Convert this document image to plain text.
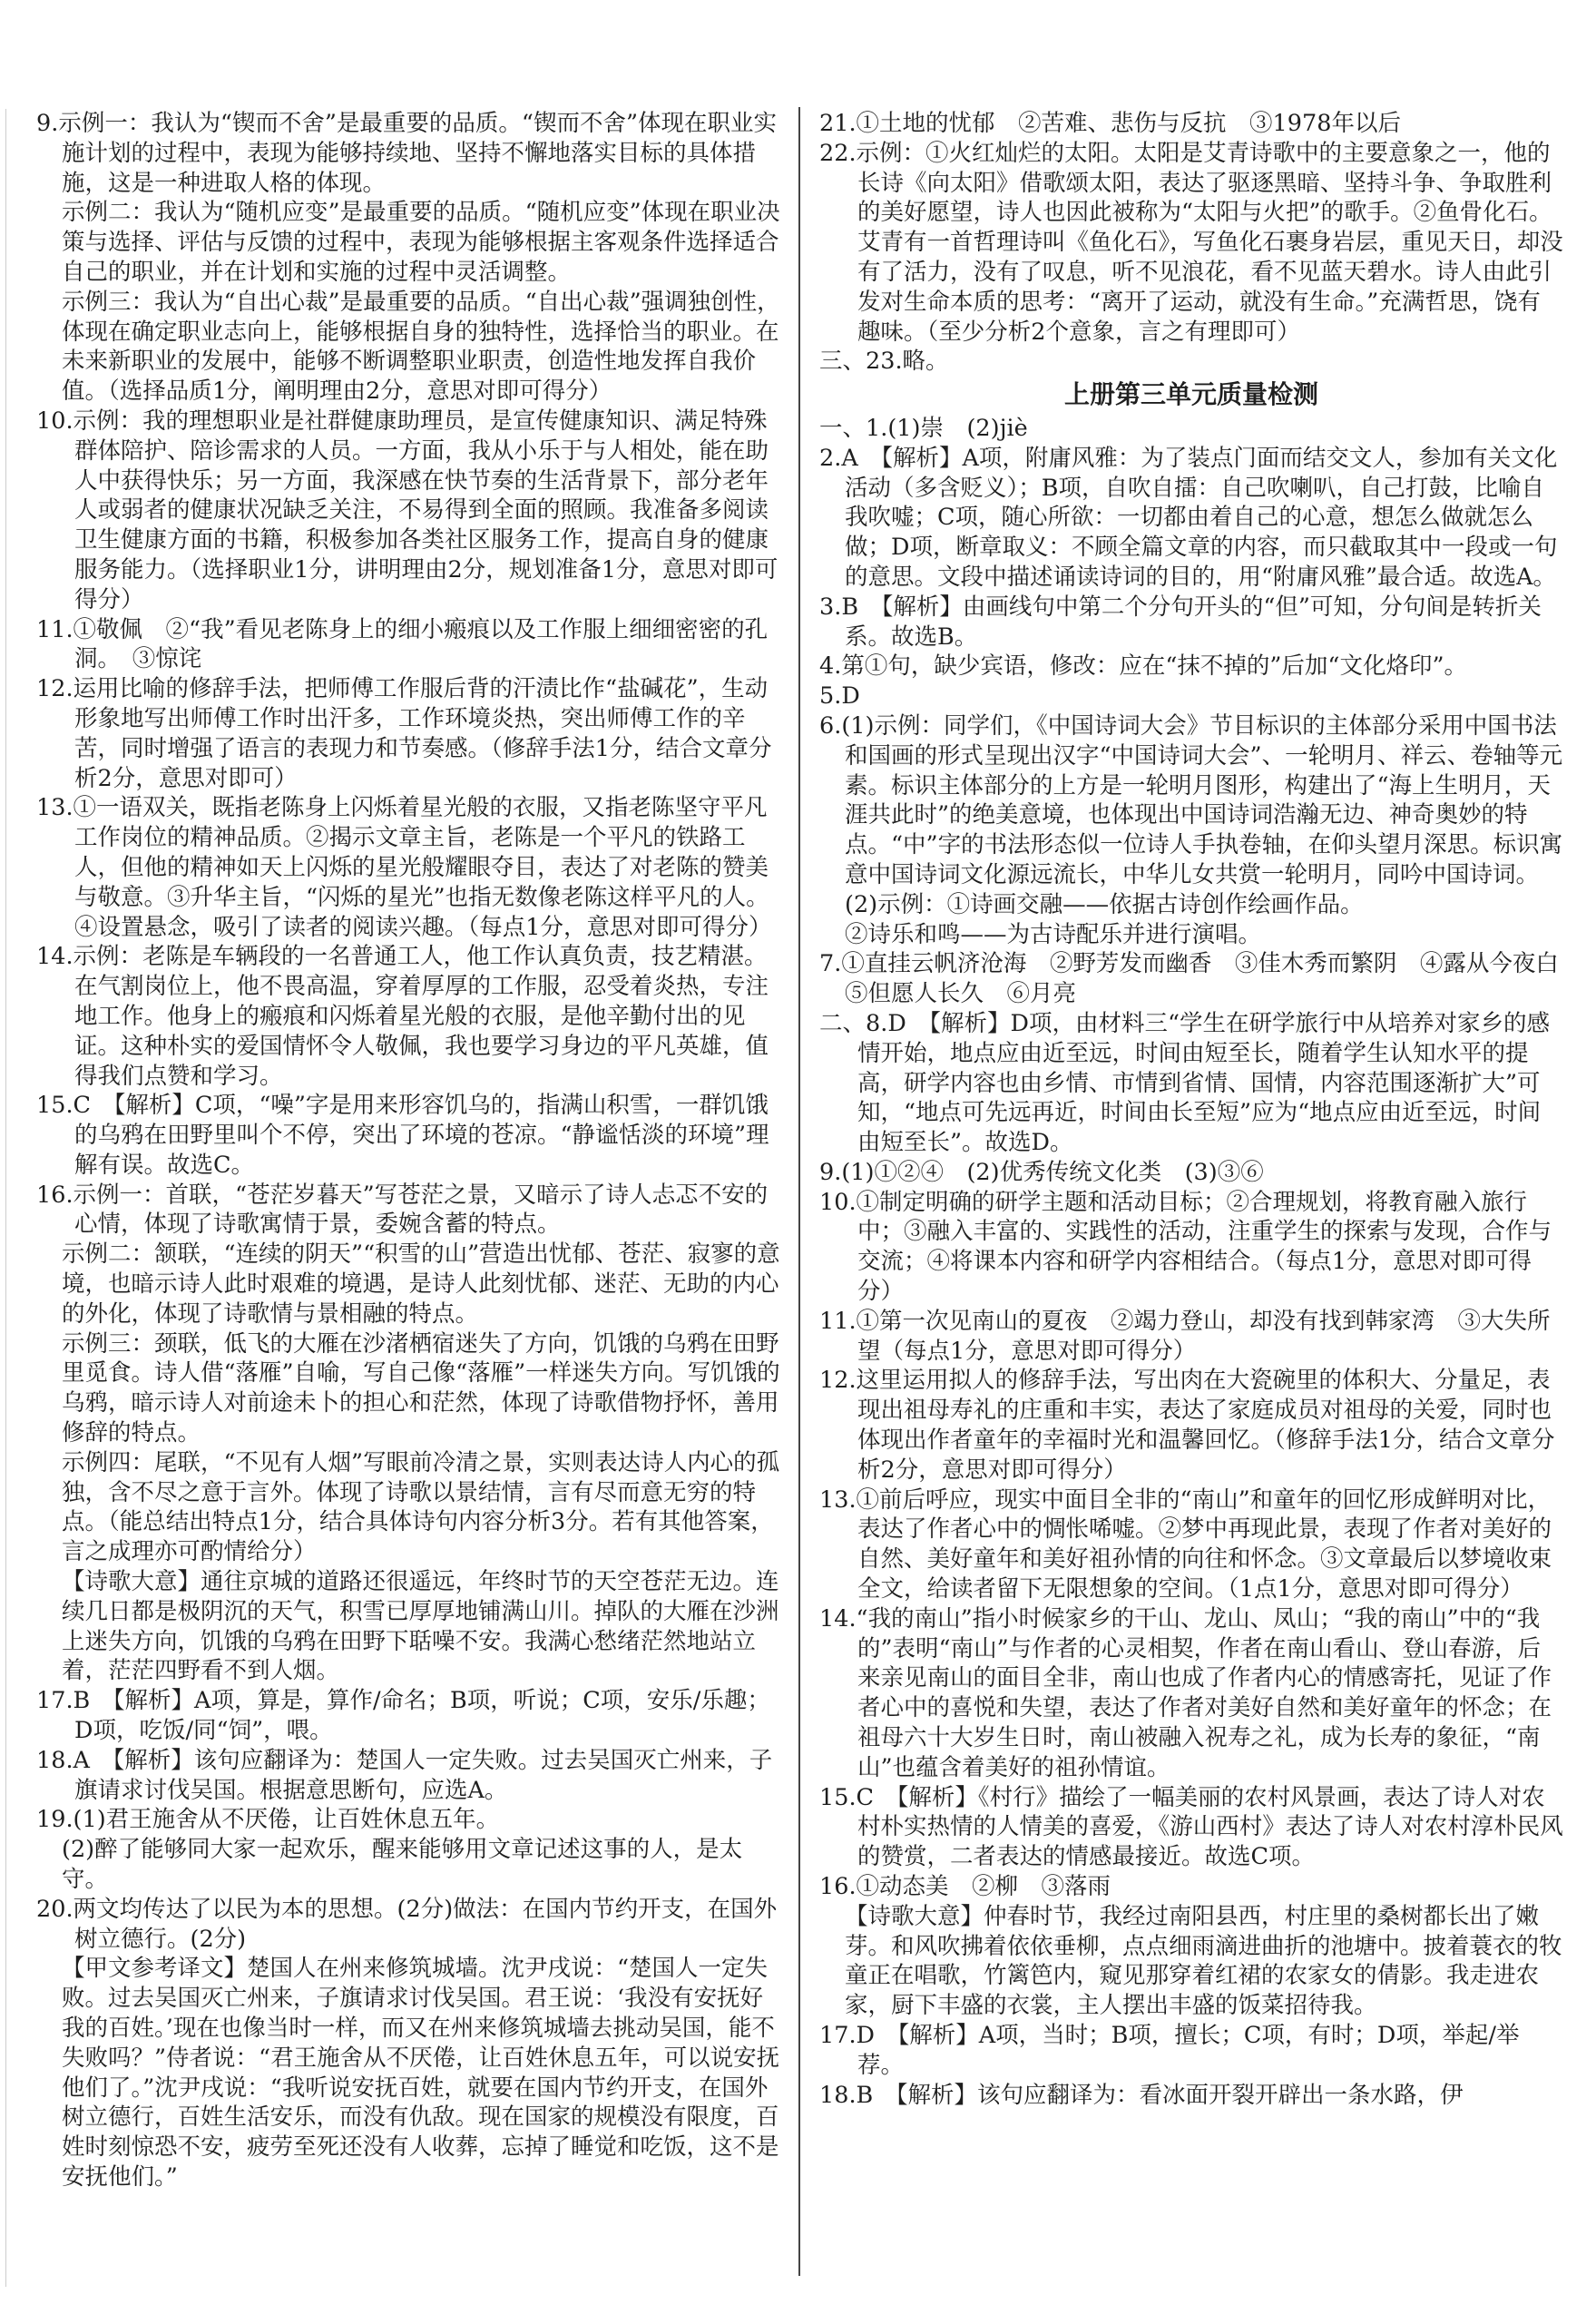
9.示例一：我认为“锲而不舍”是最重要的品质。“锲而不舍”体现在职业实施计划的过程中，表现为能够持续地、坚持不懈地落实目标的具体措施，这是一种进取人格的体现。

示例二：我认为“随机应变”是最重要的品质。“随机应变”体现在职业决策与选择、评估与反馈的过程中，表现为能够根据主客观条件选择适合自己的职业，并在计划和实施的过程中灵活调整。

示例三：我认为“自出心裁”是最重要的品质。“自出心裁”强调独创性，体现在确定职业志向上，能够根据自身的独特性，选择恰当的职业。在未来新职业的发展中，能够不断调整职业职责，创造性地发挥自我价值。（选择品质1分，阐明理由2分，意思对即可得分）

10.示例：我的理想职业是社群健康助理员，是宣传健康知识、满足特殊群体陪护、陪诊需求的人员。一方面，我从小乐于与人相处，能在助人中获得快乐；另一方面，我深感在快节奏的生活背景下，部分老年人或弱者的健康状况缺乏关注，不易得到全面的照顾。我准备多阅读卫生健康方面的书籍，积极参加各类社区服务工作，提高自身的健康服务能力。（选择职业1分，讲明理由2分，规划准备1分，意思对即可得分）

11.①敬佩　②“我”看见老陈身上的细小瘢痕以及工作服上细细密密的孔洞。　③惊诧

12.运用比喻的修辞手法，把师傅工作服后背的汗渍比作“盐碱花”，生动形象地写出师傅工作时出汗多，工作环境炎热，突出师傅工作的辛苦，同时增强了语言的表现力和节奏感。（修辞手法1分，结合文章分析2分，意思对即可）

13.①一语双关，既指老陈身上闪烁着星光般的衣服，又指老陈坚守平凡工作岗位的精神品质。②揭示文章主旨，老陈是一个平凡的铁路工人，但他的精神如天上闪烁的星光般耀眼夺目，表达了对老陈的赞美与敬意。③升华主旨，“闪烁的星光”也指无数像老陈这样平凡的人。④设置悬念，吸引了读者的阅读兴趣。（每点1分，意思对即可得分）

14.示例：老陈是车辆段的一名普通工人，他工作认真负责，技艺精湛。在气割岗位上，他不畏高温，穿着厚厚的工作服，忍受着炎热，专注地工作。他身上的瘢痕和闪烁着星光般的衣服，是他辛勤付出的见证。这种朴实的爱国情怀令人敬佩，我也要学习身边的平凡英雄，值得我们点赞和学习。

15.C　【解析】C项，“噪”字是用来形容饥乌的，指满山积雪，一群饥饿的乌鸦在田野里叫个不停，突出了环境的苍凉。“静谧恬淡的环境”理解有误。故选C。

16.示例一：首联，“苍茫岁暮天”写苍茫之景，又暗示了诗人忐忑不安的心情，体现了诗歌寓情于景，委婉含蓄的特点。

示例二：颔联，“连续的阴天”“积雪的山”营造出忧郁、苍茫、寂寥的意境，也暗示诗人此时艰难的境遇，是诗人此刻忧郁、迷茫、无助的内心的外化，体现了诗歌情与景相融的特点。

示例三：颈联，低飞的大雁在沙渚栖宿迷失了方向，饥饿的乌鸦在田野里觅食。诗人借“落雁”自喻，写自己像“落雁”一样迷失方向。写饥饿的乌鸦，暗示诗人对前途未卜的担心和茫然，体现了诗歌借物抒怀，善用修辞的特点。

示例四：尾联，“不见有人烟”写眼前冷清之景，实则表达诗人内心的孤独，含不尽之意于言外。体现了诗歌以景结情，言有尽而意无穷的特点。（能总结出特点1分，结合具体诗句内容分析3分。若有其他答案，言之成理亦可酌情给分）

【诗歌大意】通往京城的道路还很遥远，年终时节的天空苍茫无边。连续几日都是极阴沉的天气，积雪已厚厚地铺满山川。掉队的大雁在沙洲上迷失方向，饥饿的乌鸦在田野下聒噪不安。我满心愁绪茫然地站立着，茫茫四野看不到人烟。

17.B　【解析】A项，算是，算作/命名；B项，听说；C项，安乐/乐趣；D项，吃饭/同“饲”，喂。

18.A　【解析】该句应翻译为：楚国人一定失败。过去吴国灭亡州来，子旗请求讨伐吴国。根据意思断句，应选A。

19.(1)君王施舍从不厌倦，让百姓休息五年。

(2)醉了能够同大家一起欢乐，醒来能够用文章记述这事的人，是太守。

20.两文均传达了以民为本的思想。(2分)做法：在国内节约开支，在国外树立德行。(2分)

【甲文参考译文】楚国人在州来修筑城墙。沈尹戌说：“楚国人一定失败。过去吴国灭亡州来，子旗请求讨伐吴国。君王说：‘我没有安抚好我的百姓。’现在也像当时一样，而又在州来修筑城墙去挑动吴国，能不失败吗？”侍者说：“君王施舍从不厌倦，让百姓休息五年，可以说安抚他们了。”沈尹戌说：“我听说安抚百姓，就要在国内节约开支，在国外树立德行，百姓生活安乐，而没有仇敌。现在国家的规模没有限度，百姓时刻惊恐不安，疲劳至死还没有人收葬，忘掉了睡觉和吃饭，这不是安抚他们。”

21.①土地的忧郁　②苦难、悲伤与反抗　③1978年以后

22.示例：①火红灿烂的太阳。太阳是艾青诗歌中的主要意象之一，他的长诗《向太阳》借歌颂太阳，表达了驱逐黑暗、坚持斗争、争取胜利的美好愿望，诗人也因此被称为“太阳与火把”的歌手。②鱼骨化石。艾青有一首哲理诗叫《鱼化石》，写鱼化石裹身岩层，重见天日，却没有了活力，没有了叹息，听不见浪花，看不见蓝天碧水。诗人由此引发对生命本质的思考：“离开了运动，就没有生命。”充满哲思，饶有趣味。（至少分析2个意象，言之有理即可）

三、23.略。

上册第三单元质量检测

一、1.(1)崇　(2)jiè

2.A　【解析】A项，附庸风雅：为了装点门面而结交文人，参加有关文化活动（多含贬义）；B项，自吹自擂：自己吹喇叭，自己打鼓，比喻自我吹嘘；C项，随心所欲：一切都由着自己的心意，想怎么做就怎么做；D项，断章取义：不顾全篇文章的内容，而只截取其中一段或一句的意思。文段中描述诵读诗词的目的，用“附庸风雅”最合适。故选A。

3.B　【解析】由画线句中第二个分句开头的“但”可知，分句间是转折关系。故选B。

4.第①句，缺少宾语，修改：应在“抹不掉的”后加“文化烙印”。

5.D

6.(1)示例：同学们，《中国诗词大会》节目标识的主体部分采用中国书法和国画的形式呈现出汉字“中国诗词大会”、一轮明月、祥云、卷轴等元素。标识主体部分的上方是一轮明月图形，构建出了“海上生明月，天涯共此时”的绝美意境，也体现出中国诗词浩瀚无边、神奇奥妙的特点。“中”字的书法形态似一位诗人手执卷轴，在仰头望月深思。标识寓意中国诗词文化源远流长，中华儿女共赏一轮明月，同吟中国诗词。

(2)示例：①诗画交融——依据古诗创作绘画作品。

②诗乐和鸣——为古诗配乐并进行演唱。

7.①直挂云帆济沧海　②野芳发而幽香　③佳木秀而繁阴　④露从今夜白　⑤但愿人长久　⑥月亮

二、8.D　【解析】D项，由材料三“学生在研学旅行中从培养对家乡的感情开始，地点应由近至远，时间由短至长，随着学生认知水平的提高，研学内容也由乡情、市情到省情、国情，内容范围逐渐扩大”可知，“地点可先远再近，时间由长至短”应为“地点应由近至远，时间由短至长”。故选D。

9.(1)①②④　(2)优秀传统文化类　(3)③⑥

10.①制定明确的研学主题和活动目标；②合理规划，将教育融入旅行中；③融入丰富的、实践性的活动，注重学生的探索与发现，合作与交流；④将课本内容和研学内容相结合。（每点1分，意思对即可得分）

11.①第一次见南山的夏夜　②竭力登山，却没有找到韩家湾　③大失所望（每点1分，意思对即可得分）

12.这里运用拟人的修辞手法，写出肉在大瓷碗里的体积大、分量足，表现出祖母寿礼的庄重和丰实，表达了家庭成员对祖母的关爱，同时也体现出作者童年的幸福时光和温馨回忆。（修辞手法1分，结合文章分析2分，意思对即可得分）

13.①前后呼应，现实中面目全非的“南山”和童年的回忆形成鲜明对比，表达了作者心中的惆怅唏嘘。②梦中再现此景，表现了作者对美好的自然、美好童年和美好祖孙情的向往和怀念。③文章最后以梦境收束全文，给读者留下无限想象的空间。（1点1分，意思对即可得分）

14.“我的南山”指小时候家乡的干山、龙山、凤山；“我的南山”中的“我的”表明“南山”与作者的心灵相契，作者在南山看山、登山春游，后来亲见南山的面目全非，南山也成了作者内心的情感寄托，见证了作者心中的喜悦和失望，表达了作者对美好自然和美好童年的怀念；在祖母六十大岁生日时，南山被融入祝寿之礼，成为长寿的象征，“南山”也蕴含着美好的祖孙情谊。

15.C　【解析】《村行》描绘了一幅美丽的农村风景画，表达了诗人对农村朴实热情的人情美的喜爱，《游山西村》表达了诗人对农村淳朴民风的赞赏，二者表达的情感最接近。故选C项。

16.①动态美　②柳　③落雨

【诗歌大意】仲春时节，我经过南阳县西，村庄里的桑树都长出了嫩芽。和风吹拂着依依垂柳，点点细雨滴进曲折的池塘中。披着蓑衣的牧童正在唱歌，竹篱笆内，窥见那穿着红裙的农家女的倩影。我走进农家，厨下丰盛的衣裳，主人摆出丰盛的饭菜招待我。

17.D　【解析】A项，当时；B项，擅长；C项，有时；D项，举起/举荐。

18.B　【解析】该句应翻译为：看冰面开裂开辟出一条水路，伊
